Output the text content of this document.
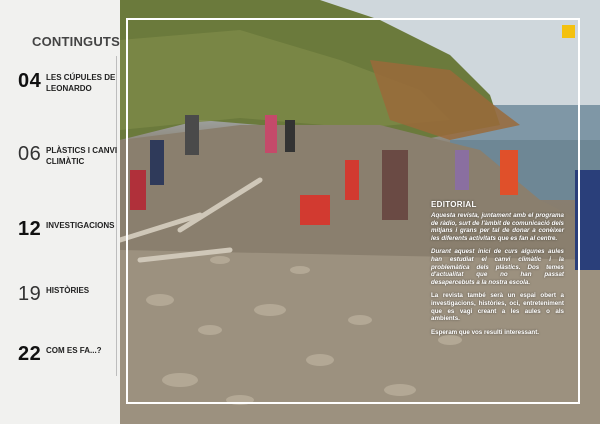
CONTINGUTS
04 LES CÚPULES DE LEONARDO
06 PLÀSTICS I CANVI CLIMÀTIC
12 INVESTIGACIONS
19 HISTÒRIES
22 COM ES FA...?
EDITORIAL

Aquesta revista, juntament amb el programa de ràdio, surt de l'àmbit de comunicació dels mitjans i grans per tal de donar a conèixer les diferents activitats que es fan al centre.

Durant aquest inici de curs algunes aules han estudiat el canvi climàtic i la problemàtica dels plàstics. Dos temes d'actualitat que no han passat desapercebuts a la nostra escola.

La revista també serà un espai obert a investigacions, històries, oci, entreteniment que es vagi creant a les aules o als ambients.

Esperam que vos resulti interessant.
